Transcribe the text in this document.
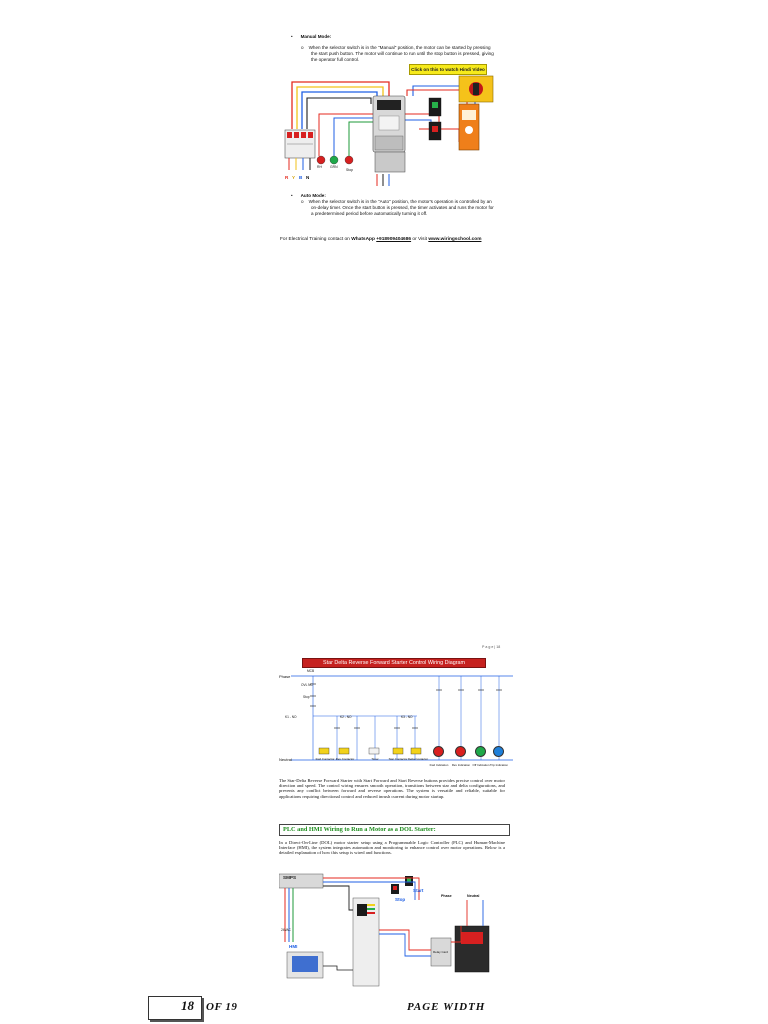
• Manual Mode:
o When the selector switch is in the "Manual" position, the motor can be started by pressing
the start push button. The motor will continue to run until the stop button is pressed, giving
the operator full control.
Click on this to watch Hindi Video
R Y B N
RH GRN
Stop
• Auto Mode:
o When the selector switch is in the "Auto" position, the motor's operation is controlled by an
on-delay timer. Once the start button is pressed, the timer activates and runs the motor for
a predetermined period before automatically turning it off.
For Electrical Training contact on WhatsApp +918909404686 or Visit www.wiringschool.com
P a g e | 18
Star Delta Reverse Forward Starter Control Wiring Diagram
Phase
Neutral
MCB
OVL NC
Stop
K1 - NO	K2 - NO	K3 - NO
Fwd Contactor Rev Contactor	Timer	Star Contactor Delta Contactor
Fwd Indication Rev Indication Off Indication Trip Indication
The Star-Delta Reverse Forward Starter with Start Forward and Start Reverse buttons provides precise control over motor direction and speed. The control wiring ensures smooth operation, transitions between star and delta configurations, and prevents any conflict between forward and reverse operations. The system is versatile and reliable, suitable for applications requiring directional control and reduced inrush current during motor startup.
PLC and HMI Wiring to Run a Motor as a DOL Starter:
In a Direct-On-Line (DOL) motor starter setup using a Programmable Logic Controller (PLC) and Human-Machine Interface (HMI), the system integrates automation and monitoring to enhance control over motor operations. Below is a detailed explanation of how this setup is wired and functions.
SMPS
Start
Stop
Phase	Neutral
HMI
24VAC
Relay Card
18 OF 19	PAGE WIDTH
